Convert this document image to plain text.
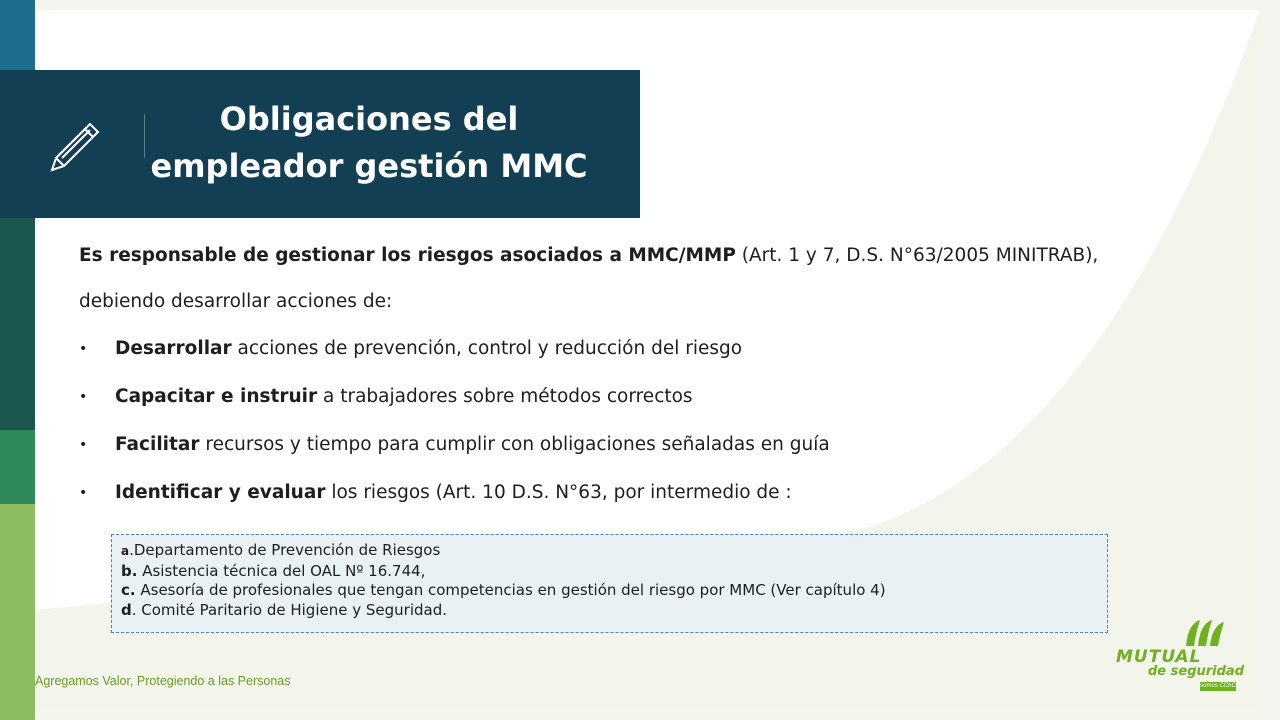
Obligaciones del
empleador gestión MMC
Es responsable de gestionar los riesgos asociados a MMC/MMP (Art. 1 y 7, D.S. N°63/2005 MINITRAB),
debiendo desarrollar acciones de:
• Desarrollar acciones de prevención, control y reducción del riesgo
• Capacitar e instruir a trabajadores sobre métodos correctos
• Facilitar recursos y tiempo para cumplir con obligaciones señaladas en guía
• Identificar y evaluar los riesgos (Art. 10 D.S. N°63, por intermedio de :
a.Departamento de Prevención de Riesgos
b. Asistencia técnica del OAL Nº 16.744,
c. Asesoría de profesionales que tengan competencias en gestión del riesgo por MMC (Ver capítulo 4)
d. Comité Paritario de Higiene y Seguridad.
Agregamos Valor, Protegiendo a las Personas
MUTUAL
de seguridad
somos CChC
